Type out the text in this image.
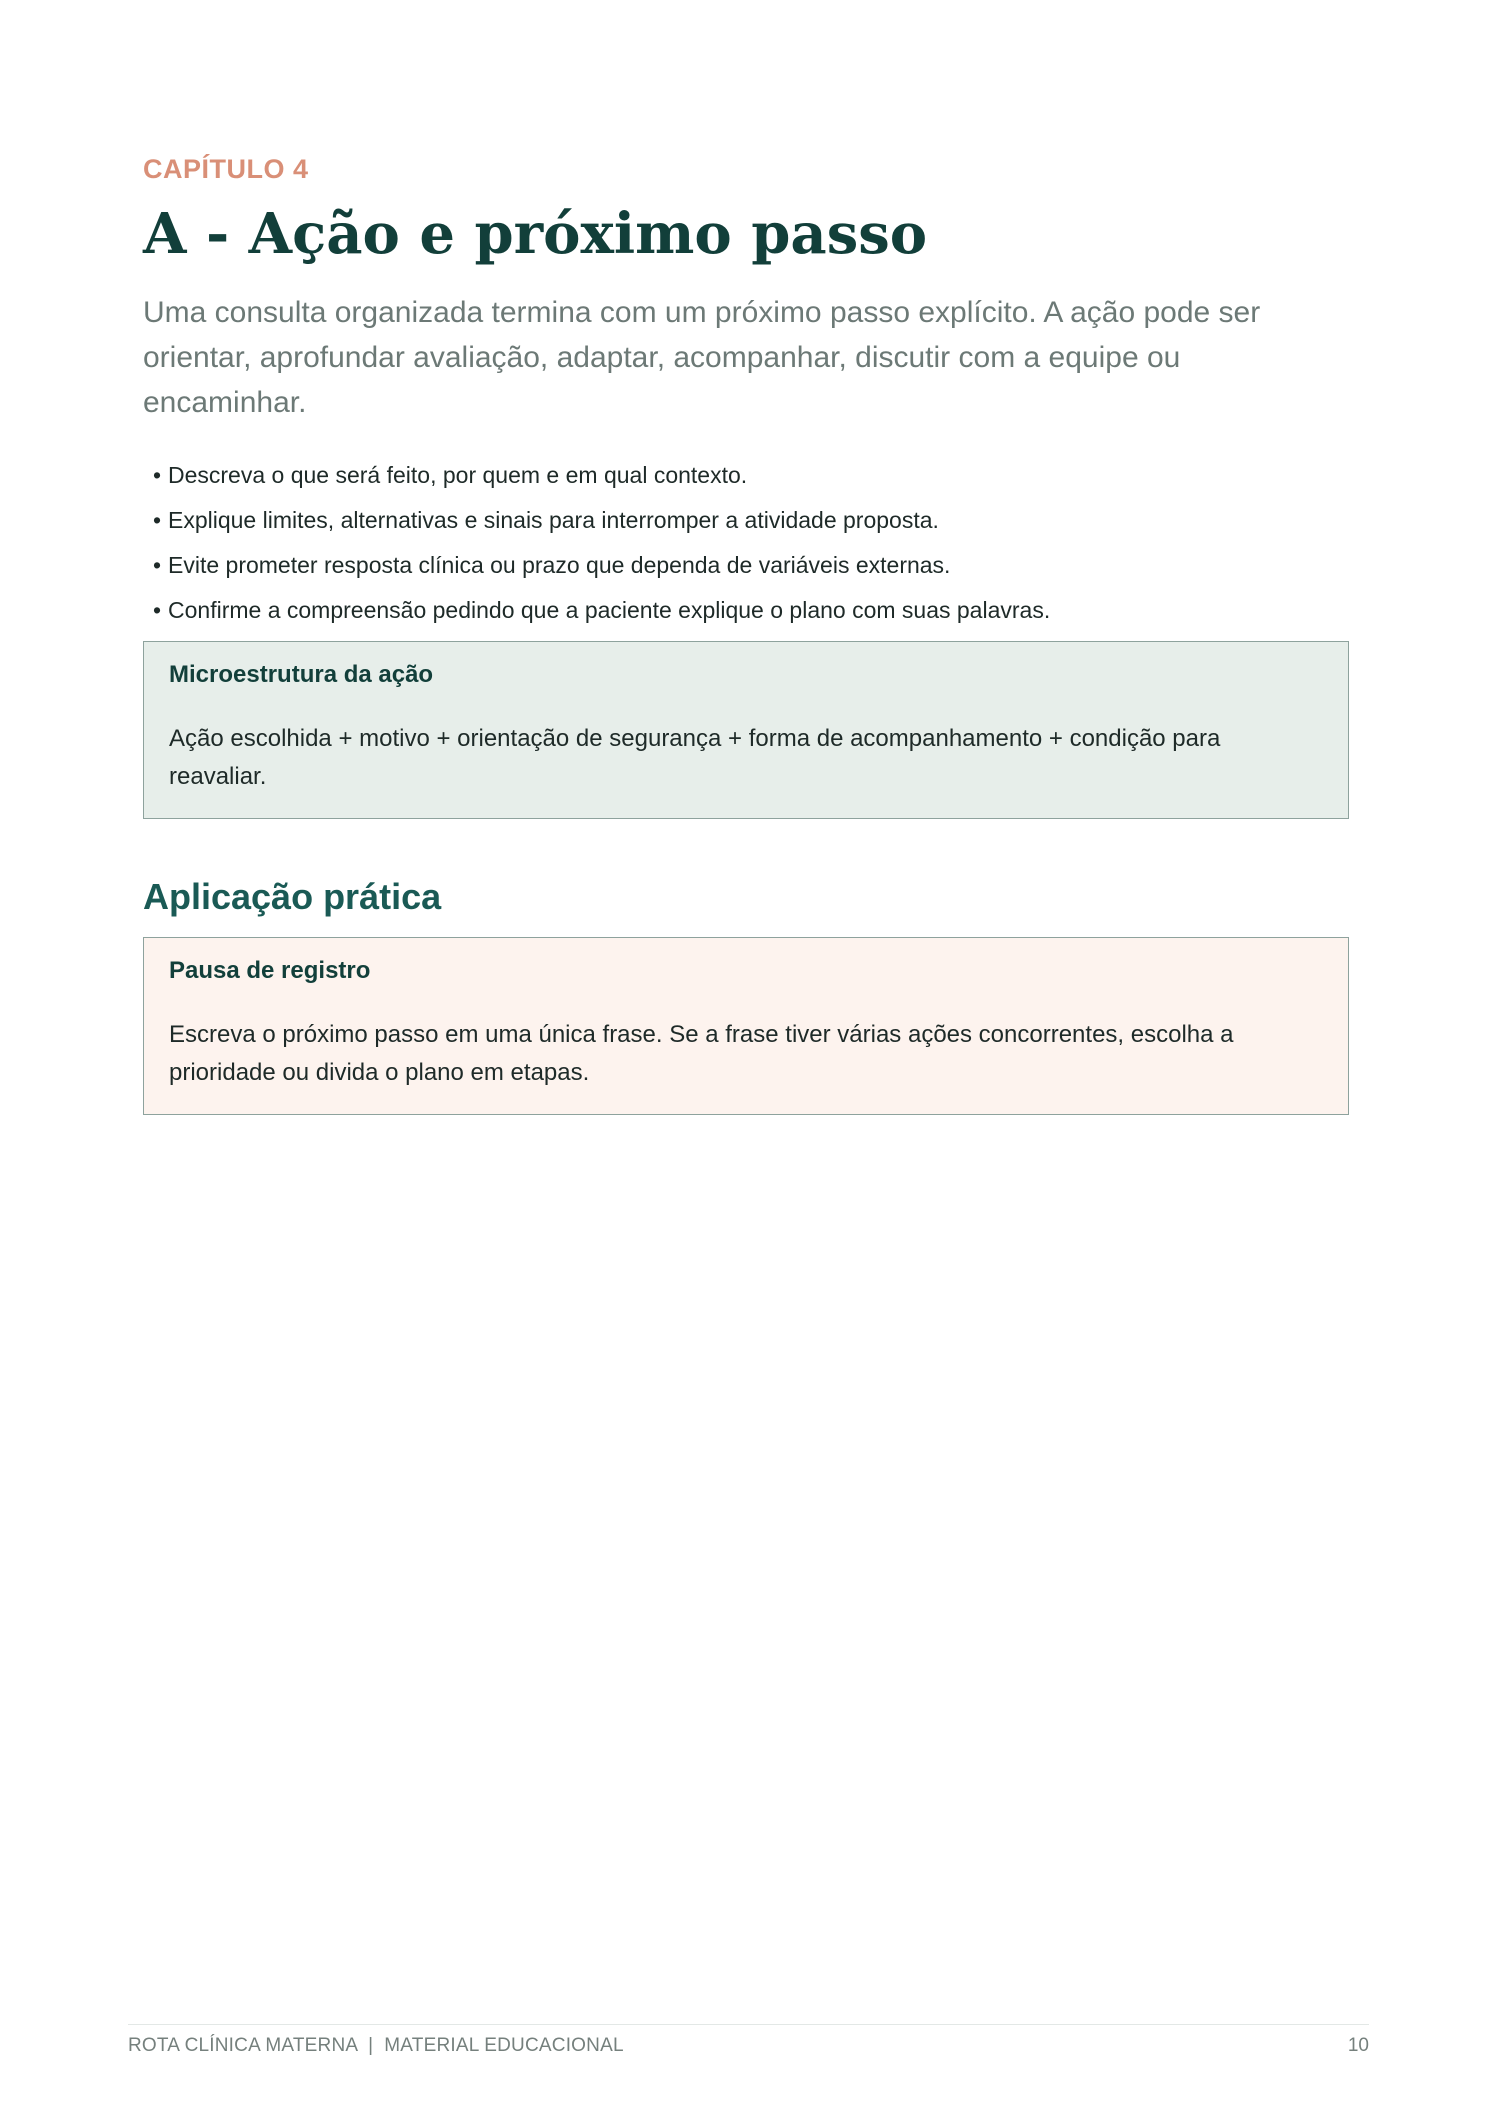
CAPÍTULO 4

A - Ação e próximo passo

Uma consulta organizada termina com um próximo passo explícito. A ação pode ser orientar, aprofundar avaliação, adaptar, acompanhar, discutir com a equipe ou encaminhar.

• Descreva o que será feito, por quem e em qual contexto.
• Explique limites, alternativas e sinais para interromper a atividade proposta.
• Evite prometer resposta clínica ou prazo que dependa de variáveis externas.
• Confirme a compreensão pedindo que a paciente explique o plano com suas palavras.

Microestrutura da ação

Ação escolhida + motivo + orientação de segurança + forma de acompanhamento + condição para reavaliar.

Aplicação prática

Pausa de registro

Escreva o próximo passo em uma única frase. Se a frase tiver várias ações concorrentes, escolha a prioridade ou divida o plano em etapas.

ROTA CLÍNICA MATERNA  |  MATERIAL EDUCACIONAL	10
